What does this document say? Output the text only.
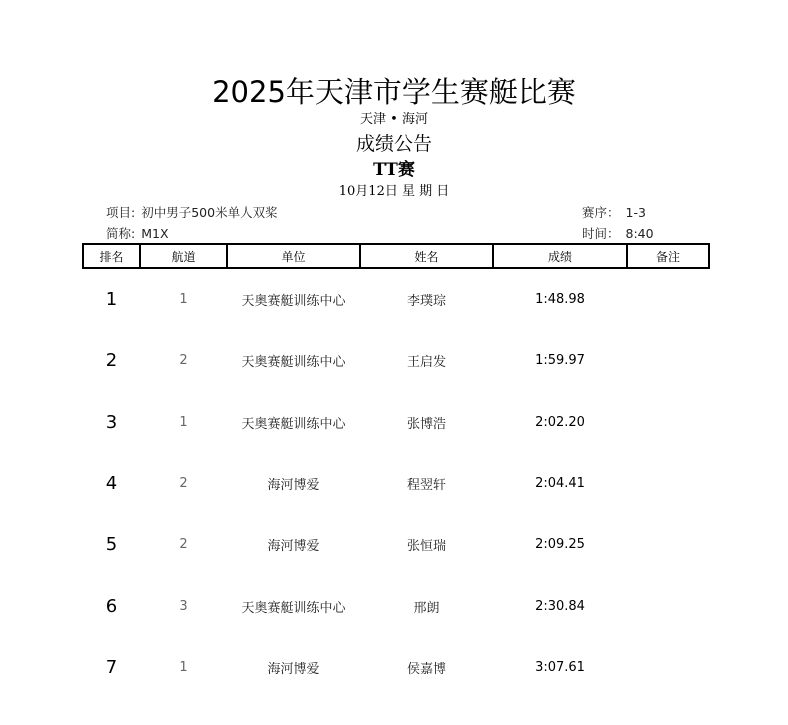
2025年天津市学生赛艇比赛
天津 • 海河
成绩公告
TT赛
10月12日 星 期 日
项目: 初中男子500米单人双桨
简称: M1X
赛序： 1-3
时间： 8:40
排名	航道	单位	姓名	成绩	备注
1	1	天奥赛艇训练中心	李璞琮	1:48.98	
2	2	天奥赛艇训练中心	王启发	1:59.97	
3	1	天奥赛艇训练中心	张博浩	2:02.20	
4	2	海河博爱	程翌轩	2:04.41	
5	2	海河博爱	张恒瑞	2:09.25	
6	3	天奥赛艇训练中心	邢朗	2:30.84	
7	1	海河博爱	侯嘉博	3:07.61	
